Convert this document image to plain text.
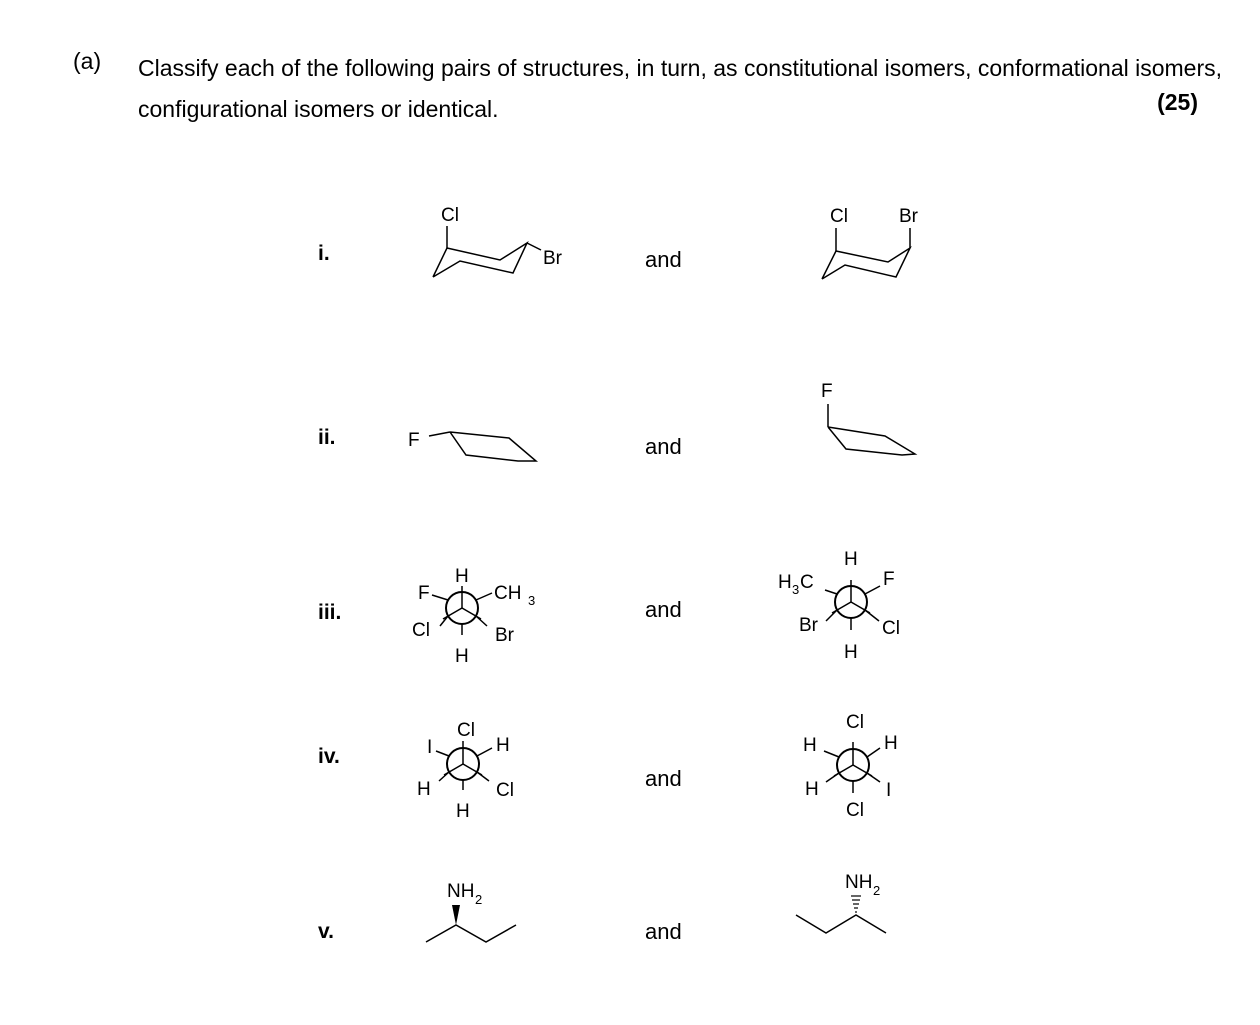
(a) Classify each of the following pairs of structures, in turn, as constitutional isomers, conformational isomers, configurational isomers or identical.	(25)
i.	and
Cl
Br
Cl	Br
ii.	and
F
F
iii.	and
H
F	CH 3
Cl	Br
H
H
H 3 C	F
Br	Cl
H
iv.
and
Cl
I	H
H	Cl
H
Cl
H	H
H	I
Cl
v.	and
NH 2
NH 2
